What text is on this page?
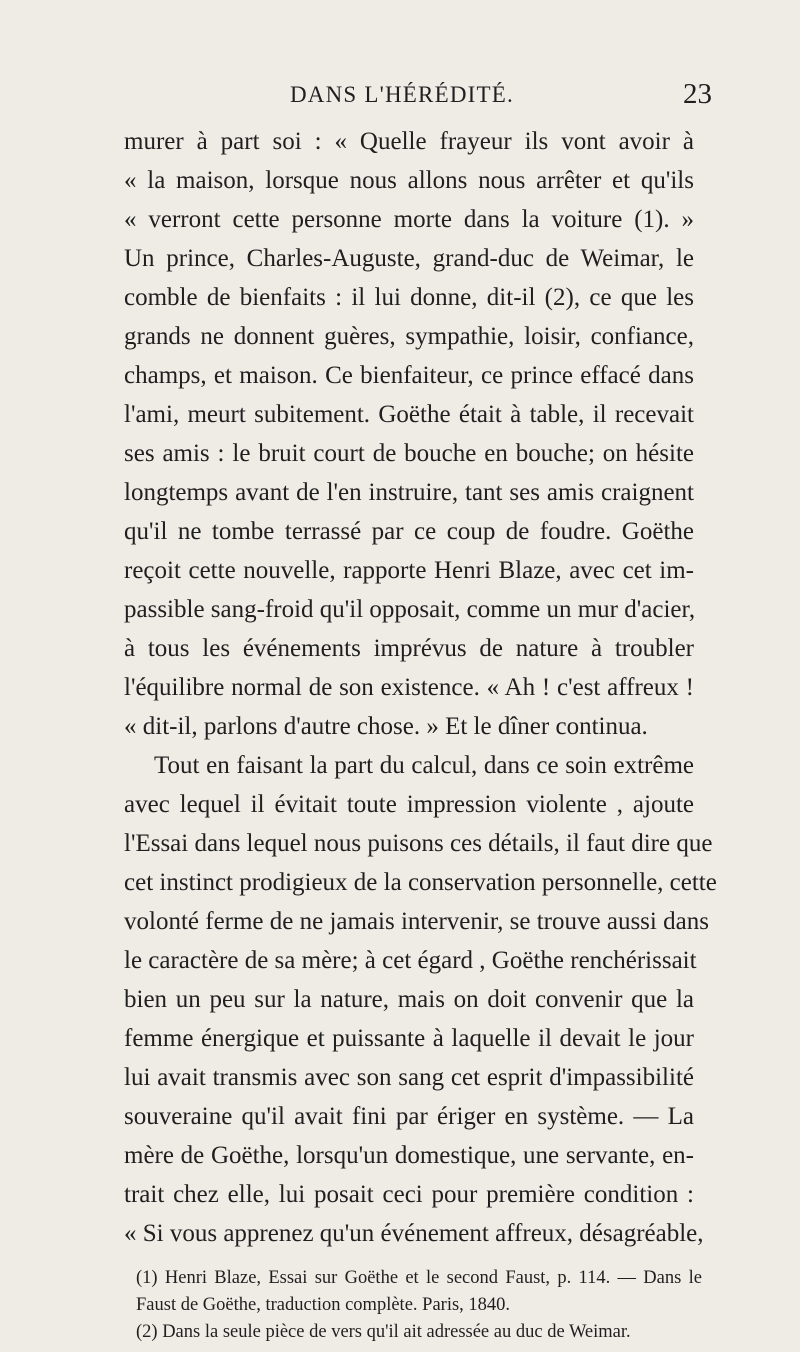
DANS L'HÉRÉDITÉ.	23
murer à part soi : « Quelle frayeur ils vont avoir à
« la maison, lorsque nous allons nous arrêter et qu'ils
« verront cette personne morte dans la voiture (1). »
Un prince, Charles-Auguste, grand-duc de Weimar, le
comble de bienfaits : il lui donne, dit-il (2), ce que les
grands ne donnent guères, sympathie, loisir, confiance,
champs, et maison. Ce bienfaiteur, ce prince effacé dans
l'ami, meurt subitement. Goëthe était à table, il recevait
ses amis : le bruit court de bouche en bouche; on hésite
longtemps avant de l'en instruire, tant ses amis craignent
qu'il ne tombe terrassé par ce coup de foudre. Goëthe
reçoit cette nouvelle, rapporte Henri Blaze, avec cet im-
passible sang-froid qu'il opposait, comme un mur d'acier,
à tous les événements imprévus de nature à troubler
l'équilibre normal de son existence. « Ah ! c'est affreux !
« dit-il, parlons d'autre chose. » Et le dîner continua.
Tout en faisant la part du calcul, dans ce soin extrême
avec lequel il évitait toute impression violente , ajoute
l'Essai dans lequel nous puisons ces détails, il faut dire que
cet instinct prodigieux de la conservation personnelle, cette
volonté ferme de ne jamais intervenir, se trouve aussi dans
le caractère de sa mère; à cet égard , Goëthe renchérissait
bien un peu sur la nature, mais on doit convenir que la
femme énergique et puissante à laquelle il devait le jour
lui avait transmis avec son sang cet esprit d'impassibilité
souveraine qu'il avait fini par ériger en système. — La
mère de Goëthe, lorsqu'un domestique, une servante, en-
trait chez elle, lui posait ceci pour première condition :
« Si vous apprenez qu'un événement affreux, désagréable,
(1) Henri Blaze, Essai sur Goëthe et le second Faust, p. 114. — Dans le
Faust de Goëthe, traduction complète. Paris, 1840.
(2) Dans la seule pièce de vers qu'il ait adressée au duc de Weimar.
